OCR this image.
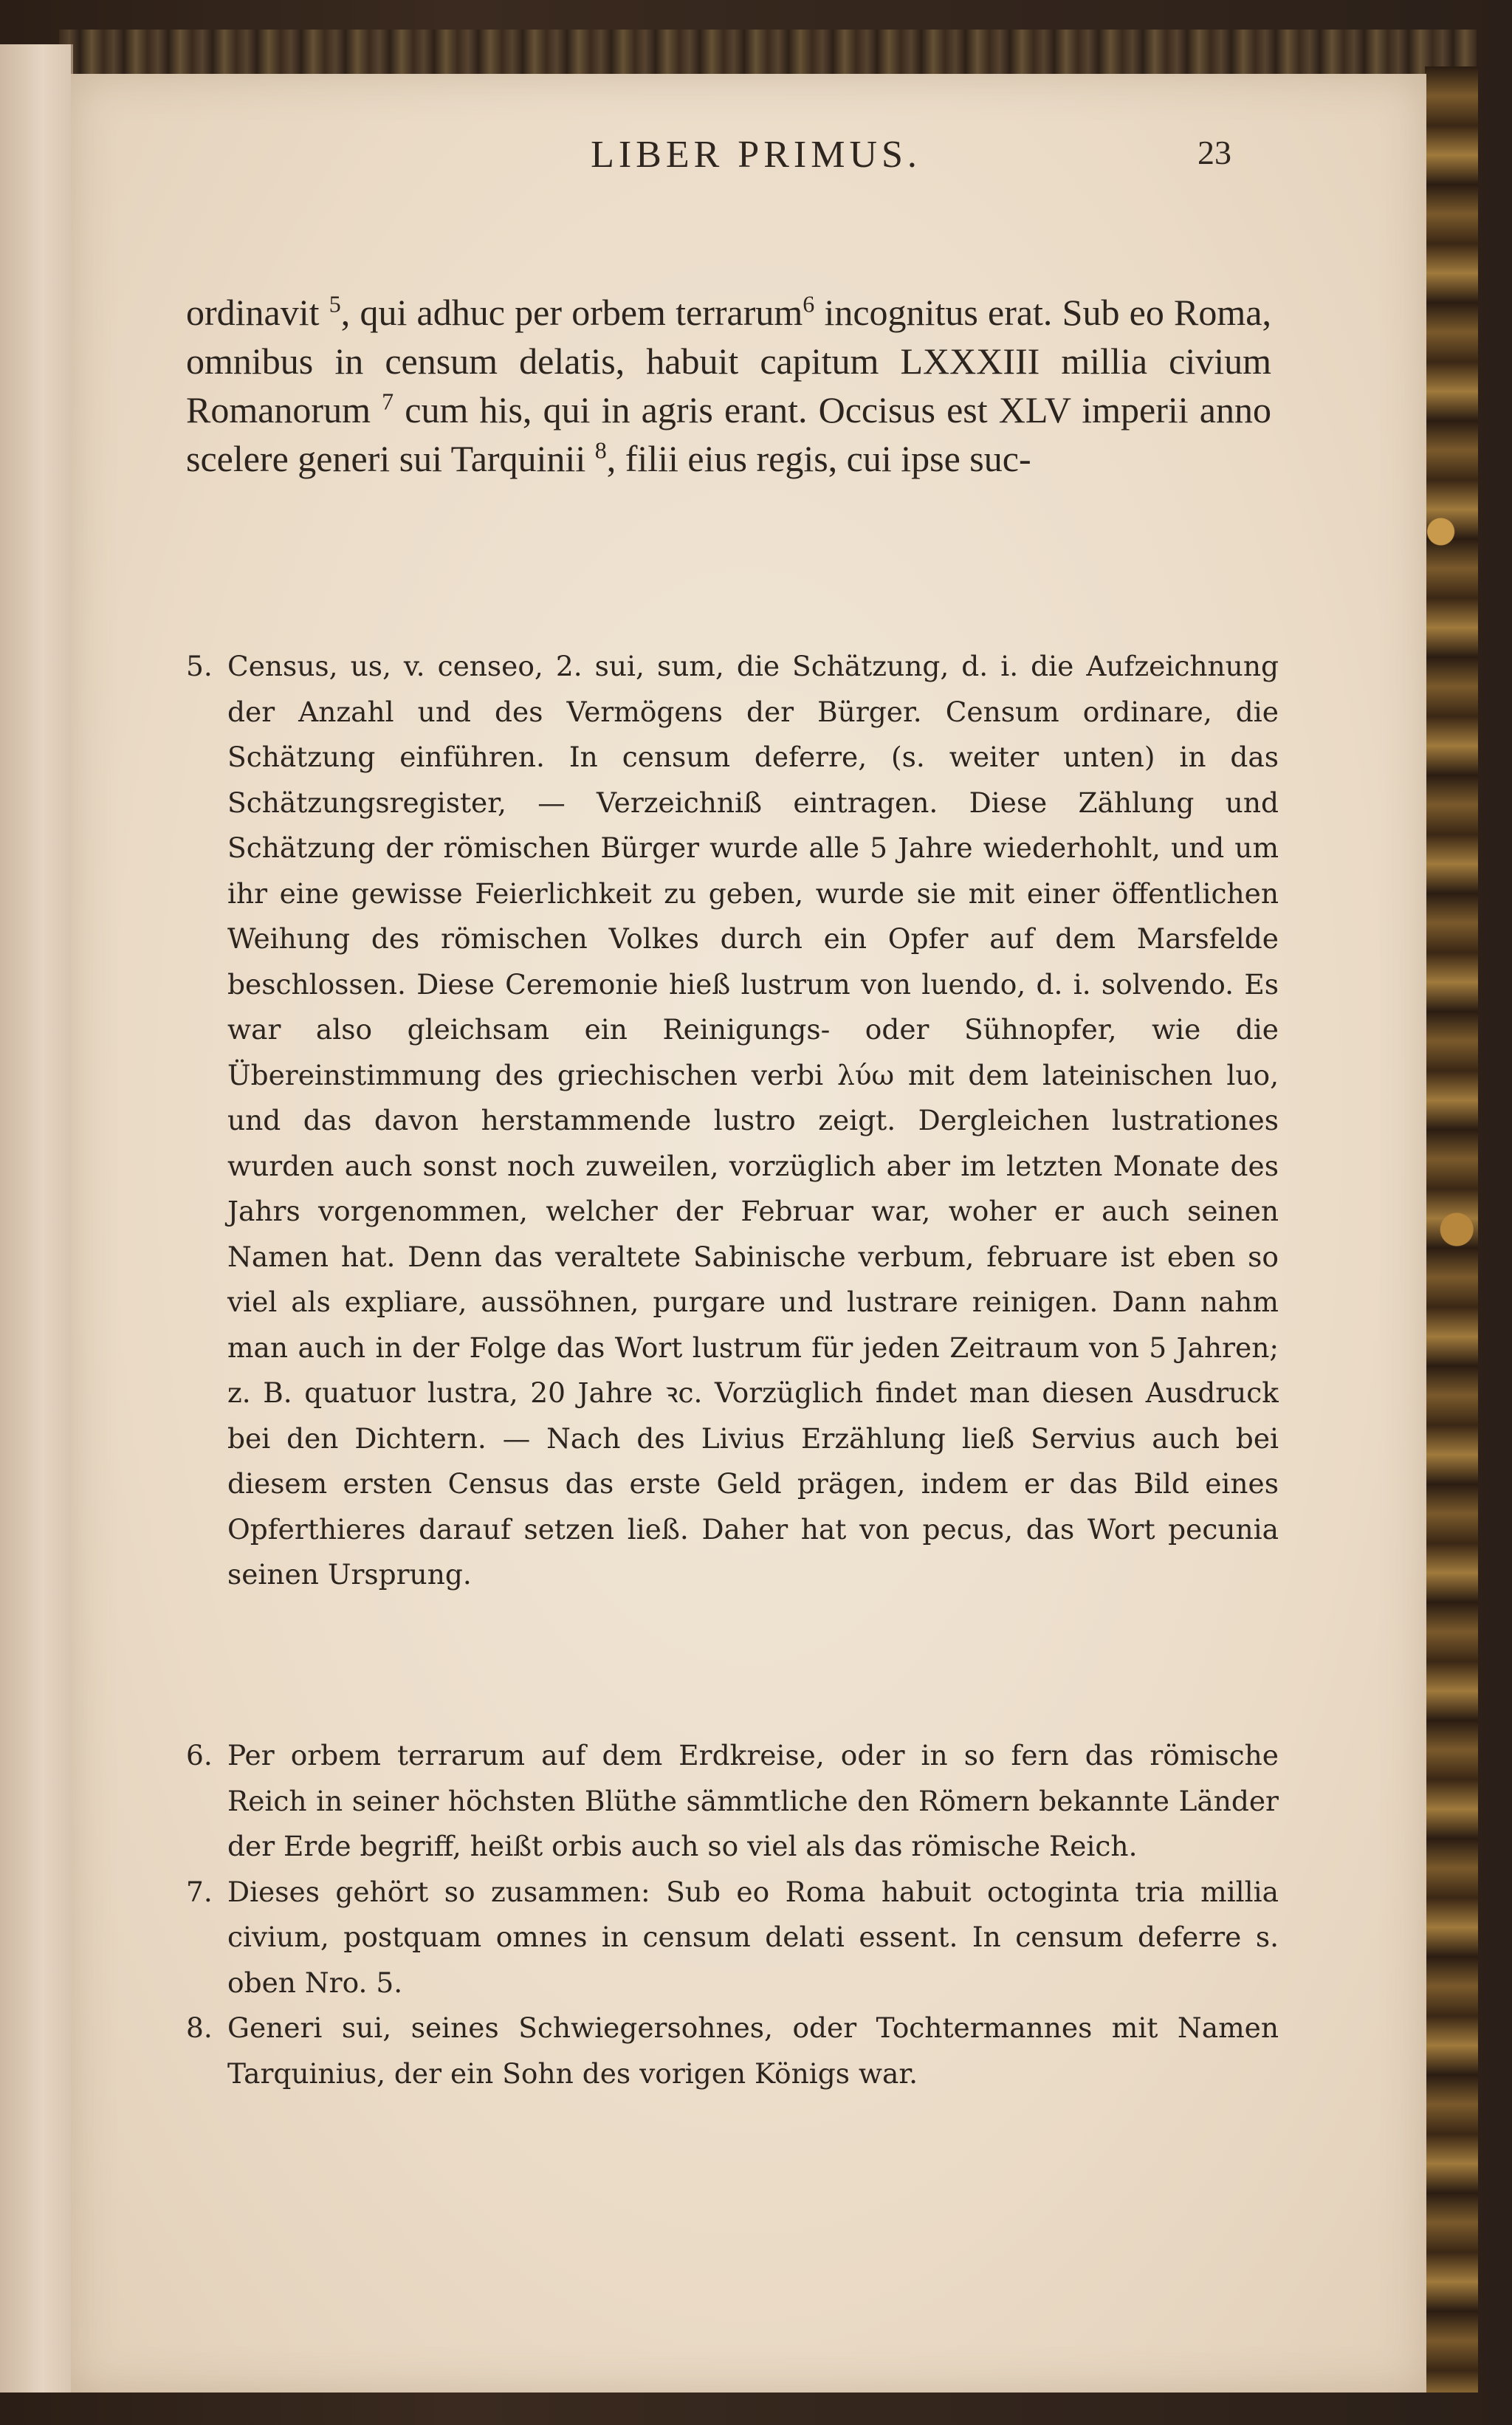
LIBER PRIMUS.	23

ordinavit $^5$, qui adhuc per orbem terrarum$^6$ incognitus erat. Sub eo Roma, omnibus in censum delatis, habuit capitum LXXXIII millia civium Romanorum $^7$ cum his, qui in agris erant. Occisus est XLV imperii anno scelere generi sui Tarquinii $^8$, filii eius regis, cui ipse suc-

5. Census, us, v. censeo, 2. sui, sum, die Schätzung, d. i. die Aufzeichnung der Anzahl und des Vermögens der Bürger. Censum ordinare, die Schätzung einführen. In censum deferre, (s. weiter unten) in das Schätzungsregister, — Verzeichniß eintragen. Diese Zählung und Schätzung der römischen Bürger wurde alle 5 Jahre wiederhohlt, und um ihr eine gewisse Feierlichkeit zu geben, wurde sie mit einer öffentlichen Weihung des römischen Volkes durch ein Opfer auf dem Marsfelde beschlossen. Diese Ceremonie hieß lustrum von luendo, d. i. solvendo. Es war also gleichsam ein Reinigungs- oder Sühnopfer, wie die Übereinstimmung des griechischen verbi λύω mit dem lateinischen luo, und das davon herstammende lustro zeigt. Dergleichen lustrationes wurden auch sonst noch zuweilen, vorzüglich aber im letzten Monate des Jahrs vorgenommen, welcher der Februar war, woher er auch seinen Namen hat. Denn das veraltete Sabinische verbum, februare ist eben so viel als expliare, aussöhnen, purgare und lustrare reinigen. Dann nahm man auch in der Folge das Wort lustrum für jeden Zeitraum von 5 Jahren; z. B. quatuor lustra, 20 Jahre ꝛc. Vorzüglich findet man diesen Ausdruck bei den Dichtern. — Nach des Livius Erzählung ließ Servius auch bei diesem ersten Census das erste Geld prägen, indem er das Bild eines Opferthieres darauf setzen ließ. Daher hat von pecus, das Wort pecunia seinen Ursprung.
6. Per orbem terrarum auf dem Erdkreise, oder in so fern das römische Reich in seiner höchsten Blüthe sämmtliche den Römern bekannte Länder der Erde begriff, heißt orbis auch so viel als das römische Reich.
7. Dieses gehört so zusammen: Sub eo Roma habuit octoginta tria millia civium, postquam omnes in censum delati essent. In censum deferre s. oben Nro. 5.
8. Generi sui, seines Schwiegersohnes, oder Tochtermannes mit Namen Tarquinius, der ein Sohn des vorigen Königs war.
